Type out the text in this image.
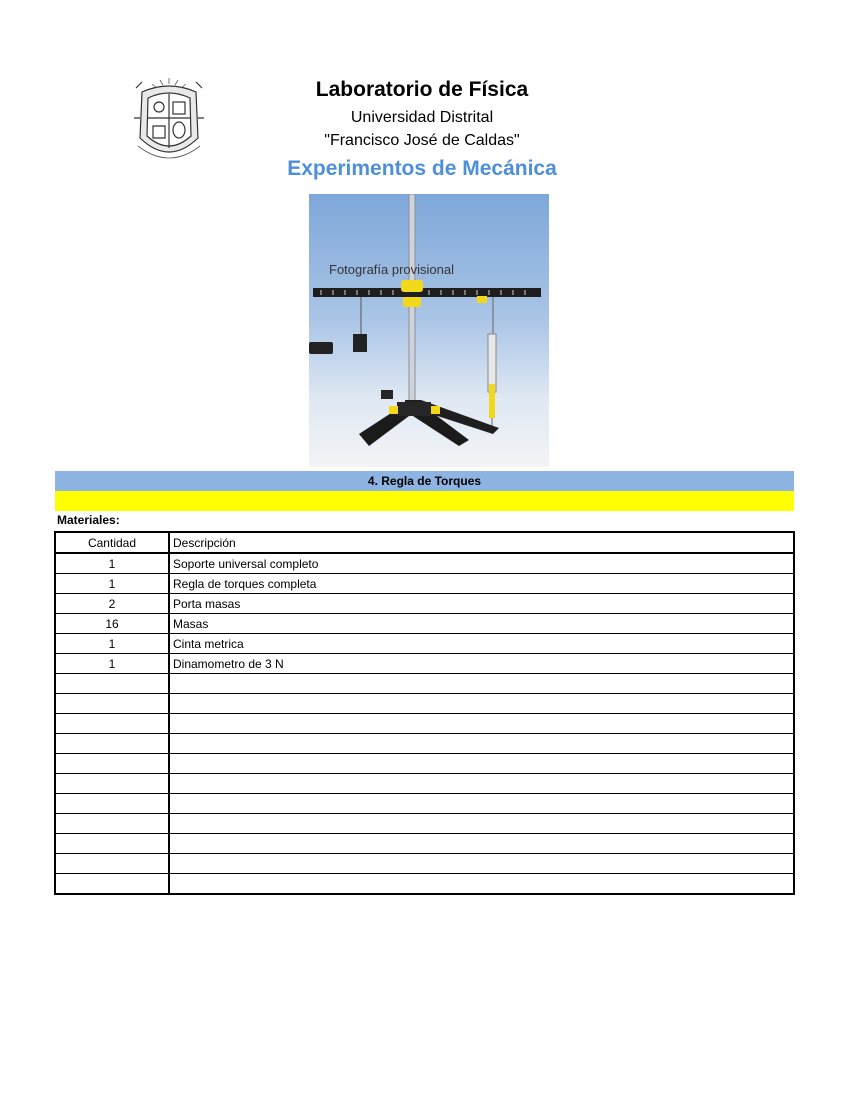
Laboratorio de Física
Universidad Distrital
"Francisco José de Caldas"
Experimentos de Mecánica
Fotografía provisional
4. Regla de Torques
Materiales:
Cantidad	Descripción
1	Soporte universal completo
1	Regla de torques completa
2	Porta masas
16	Masas
1	Cinta metrica
1	Dinamometro de 3 N
